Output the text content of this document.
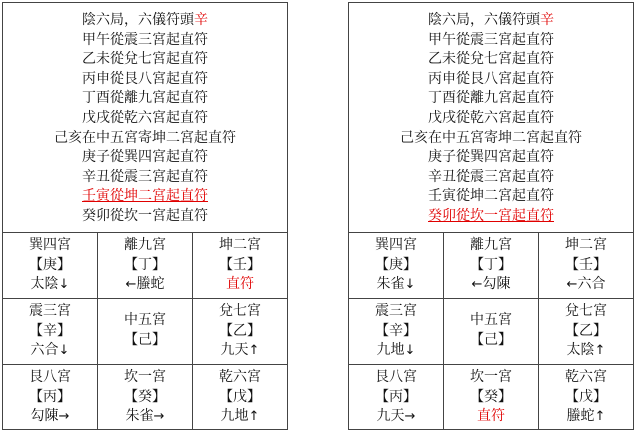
陰六局，六儀符頭辛
甲午從震三宮起直符
乙未從兌七宮起直符
丙申從艮八宮起直符
丁酉從離九宮起直符
戊戌從乾六宮起直符
己亥在中五宮寄坤二宮起直符
庚子從巽四宮起直符
辛丑從震三宮起直符
壬寅從坤二宮起直符
癸卯從坎一宮起直符
巽四宮
【庚】
太陰↓
離九宮
【丁】
←螣蛇
坤二宮
【壬】
直符
震三宮
【辛】
六合↓
中五宮
【己】
兌七宮
【乙】
九天↑
艮八宮
【丙】
勾陳→
坎一宮
【癸】
朱雀→
乾六宮
【戊】
九地↑
陰六局，六儀符頭辛
甲午從震三宮起直符
乙未從兌七宮起直符
丙申從艮八宮起直符
丁酉從離九宮起直符
戊戌從乾六宮起直符
己亥在中五宮寄坤二宮起直符
庚子從巽四宮起直符
辛丑從震三宮起直符
壬寅從坤二宮起直符
癸卯從坎一宮起直符
巽四宮
【庚】
朱雀↓
離九宮
【丁】
←勾陳
坤二宮
【壬】
←六合
震三宮
【辛】
九地↓
中五宮
【己】
兌七宮
【乙】
太陰↑
艮八宮
【丙】
九天→
坎一宮
【癸】
直符
乾六宮
【戊】
螣蛇↑
